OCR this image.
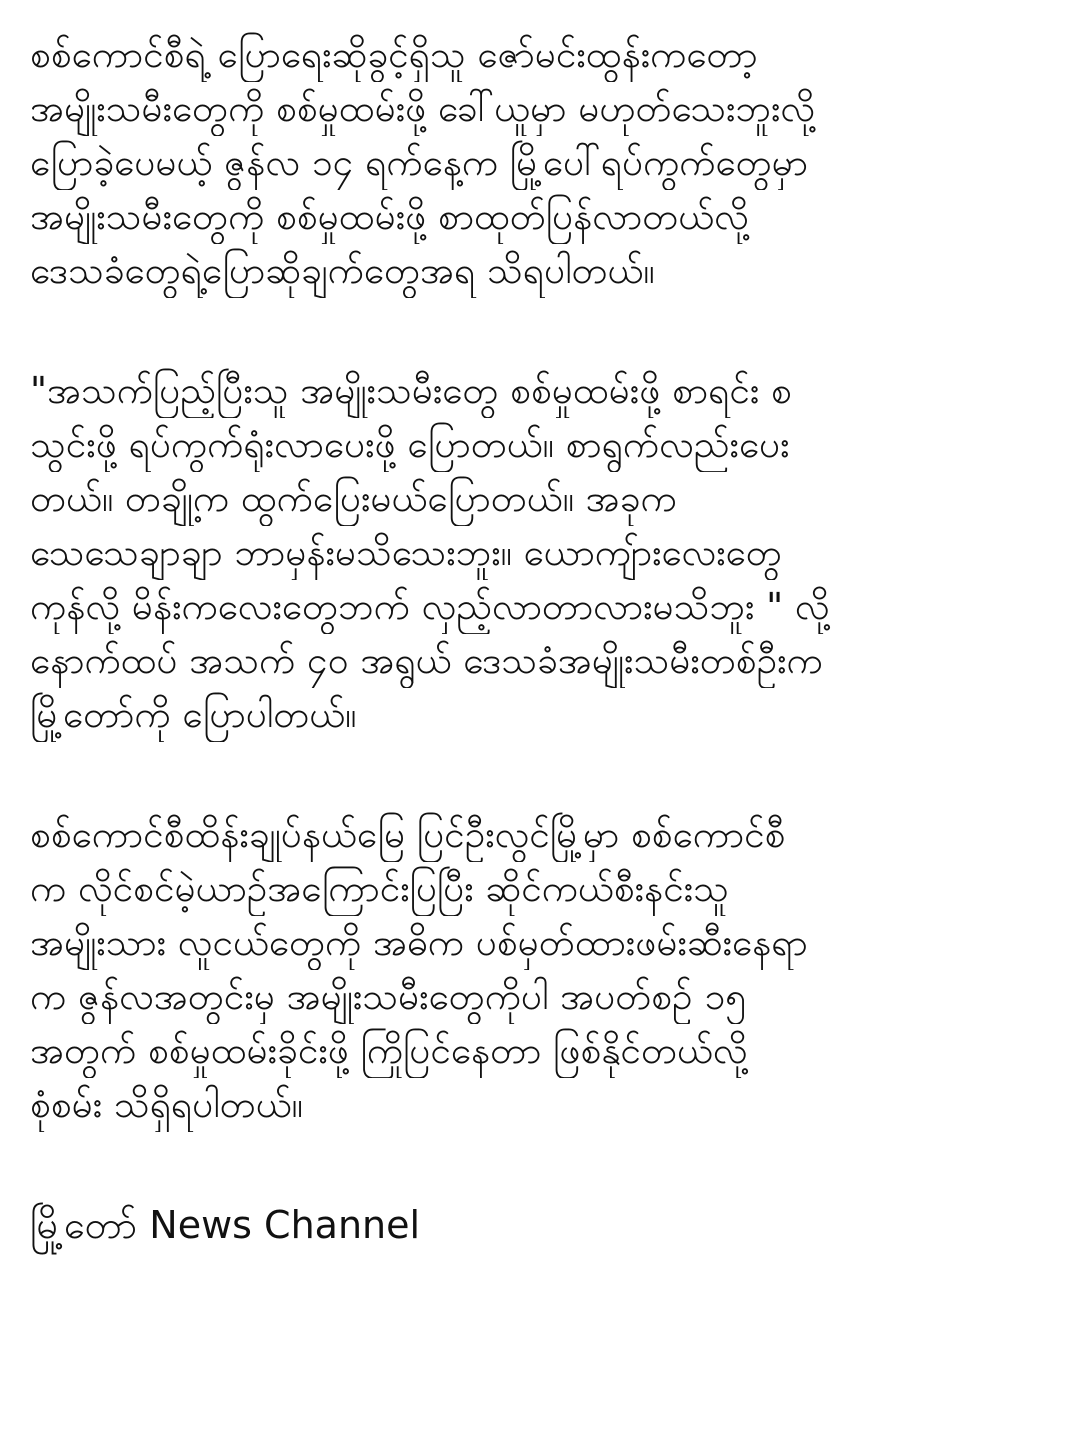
စစ်ကောင်စီရဲ့ ပြောရေးဆိုခွင့်ရှိသူ ဇော်မင်းထွန်းကတော့
အမျိုးသမီးတွေကို စစ်မှုထမ်းဖို့ ခေါ်ယူမှာ မဟုတ်သေးဘူးလို့
ပြောခဲ့ပေမယ့် ဇွန်လ ၁၄ ရက်နေ့က မြို့ပေါ်ရပ်ကွက်တွေမှာ
အမျိုးသမီးတွေကို စစ်မှုထမ်းဖို့ စာထုတ်ပြန်လာတယ်လို့
ဒေသခံတွေရဲ့ပြောဆိုချက်တွေအရ သိရပါတယ်။
"အသက်ပြည့်ပြီးသူ အမျိုးသမီးတွေ စစ်မှုထမ်းဖို့ စာရင်း စ
သွင်းဖို့ ရပ်ကွက်ရုံးလာပေးဖို့ ပြောတယ်။ စာရွက်လည်းပေး
တယ်။ တချို့က ထွက်ပြေးမယ်ပြောတယ်။ အခုက
သေသေချာချာ ဘာမှန်းမသိသေးဘူး။ ယောကျ်ားလေးတွေ
ကုန်လို့ မိန်းကလေးတွေဘက် လှည့်လာတာလားမသိဘူး " လို့
နောက်ထပ် အသက် ၄၀ အရွယ် ဒေသခံအမျိုးသမီးတစ်ဦးက
မြို့တော်ကို ပြောပါတယ်။
စစ်ကောင်စီထိန်းချုပ်နယ်မြေ ပြင်ဦးလွင်မြို့မှာ စစ်ကောင်စီ
က လိုင်စင်မဲ့ယာဉ်အကြောင်းပြပြီး ဆိုင်ကယ်စီးနင်းသူ
အမျိုးသား လူငယ်တွေကို အဓိက ပစ်မှတ်ထားဖမ်းဆီးနေရာ
က ဇွန်လအတွင်းမှ အမျိုးသမီးတွေကိုပါ အပတ်စဉ် ၁၅
အတွက် စစ်မှုထမ်းခိုင်းဖို့ ကြိုပြင်နေတာ ဖြစ်နိုင်တယ်လို့
စုံစမ်း သိရှိရပါတယ်။
မြို့တော် News Channel
